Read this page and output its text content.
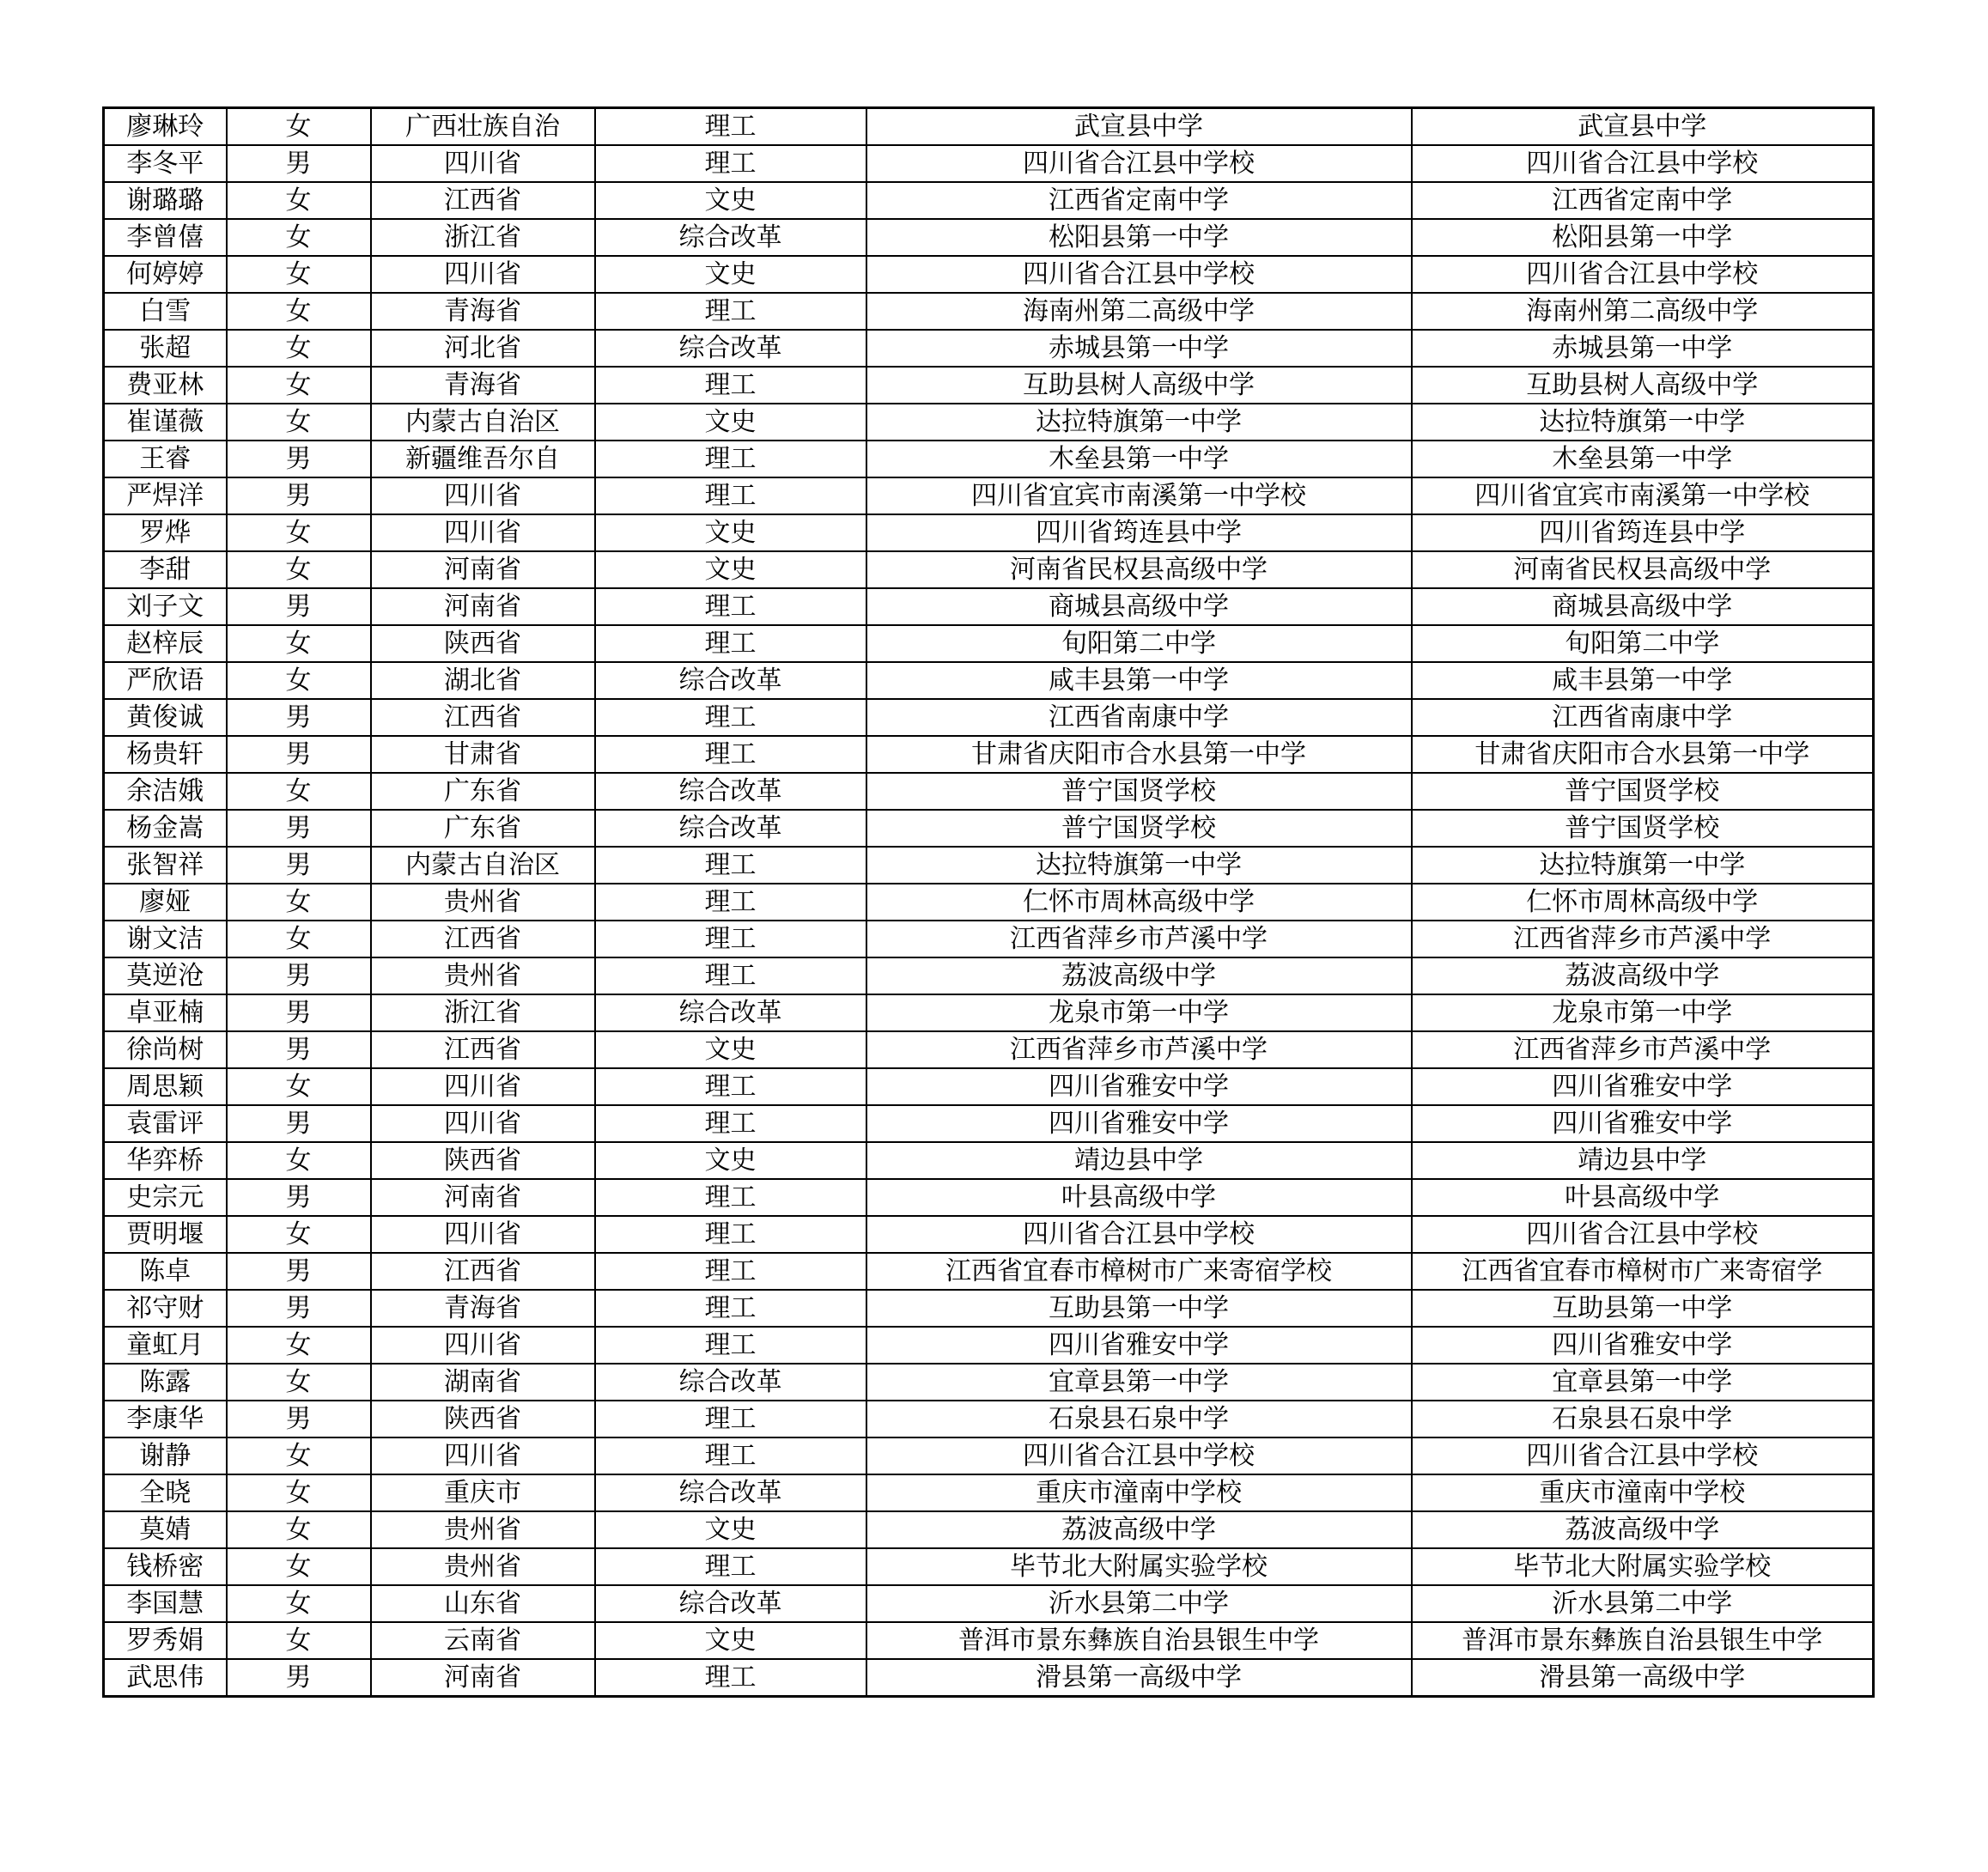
廖琳玲	女	广西壮族自治	理工	武宣县中学	武宣县中学
李冬平	男	四川省	理工	四川省合江县中学校	四川省合江县中学校
谢璐璐	女	江西省	文史	江西省定南中学	江西省定南中学
李曾僖	女	浙江省	综合改革	松阳县第一中学	松阳县第一中学
何婷婷	女	四川省	文史	四川省合江县中学校	四川省合江县中学校
白雪	女	青海省	理工	海南州第二高级中学	海南州第二高级中学
张超	女	河北省	综合改革	赤城县第一中学	赤城县第一中学
费亚林	女	青海省	理工	互助县树人高级中学	互助县树人高级中学
崔谨薇	女	内蒙古自治区	文史	达拉特旗第一中学	达拉特旗第一中学
王睿	男	新疆维吾尔自	理工	木垒县第一中学	木垒县第一中学
严焊洋	男	四川省	理工	四川省宜宾市南溪第一中学校	四川省宜宾市南溪第一中学校
罗烨	女	四川省	文史	四川省筠连县中学	四川省筠连县中学
李甜	女	河南省	文史	河南省民权县高级中学	河南省民权县高级中学
刘子文	男	河南省	理工	商城县高级中学	商城县高级中学
赵梓辰	女	陕西省	理工	旬阳第二中学	旬阳第二中学
严欣语	女	湖北省	综合改革	咸丰县第一中学	咸丰县第一中学
黄俊诚	男	江西省	理工	江西省南康中学	江西省南康中学
杨贵轩	男	甘肃省	理工	甘肃省庆阳市合水县第一中学	甘肃省庆阳市合水县第一中学
余洁娥	女	广东省	综合改革	普宁国贤学校	普宁国贤学校
杨金嵩	男	广东省	综合改革	普宁国贤学校	普宁国贤学校
张智祥	男	内蒙古自治区	理工	达拉特旗第一中学	达拉特旗第一中学
廖娅	女	贵州省	理工	仁怀市周林高级中学	仁怀市周林高级中学
谢文洁	女	江西省	理工	江西省萍乡市芦溪中学	江西省萍乡市芦溪中学
莫逆沧	男	贵州省	理工	荔波高级中学	荔波高级中学
卓亚楠	男	浙江省	综合改革	龙泉市第一中学	龙泉市第一中学
徐尚树	男	江西省	文史	江西省萍乡市芦溪中学	江西省萍乡市芦溪中学
周思颖	女	四川省	理工	四川省雅安中学	四川省雅安中学
袁雷评	男	四川省	理工	四川省雅安中学	四川省雅安中学
华弈桥	女	陕西省	文史	靖边县中学	靖边县中学
史宗元	男	河南省	理工	叶县高级中学	叶县高级中学
贾明堰	女	四川省	理工	四川省合江县中学校	四川省合江县中学校
陈卓	男	江西省	理工	江西省宜春市樟树市广来寄宿学校	江西省宜春市樟树市广来寄宿学
祁守财	男	青海省	理工	互助县第一中学	互助县第一中学
童虹月	女	四川省	理工	四川省雅安中学	四川省雅安中学
陈露	女	湖南省	综合改革	宜章县第一中学	宜章县第一中学
李康华	男	陕西省	理工	石泉县石泉中学	石泉县石泉中学
谢静	女	四川省	理工	四川省合江县中学校	四川省合江县中学校
全晓	女	重庆市	综合改革	重庆市潼南中学校	重庆市潼南中学校
莫婧	女	贵州省	文史	荔波高级中学	荔波高级中学
钱桥密	女	贵州省	理工	毕节北大附属实验学校	毕节北大附属实验学校
李国慧	女	山东省	综合改革	沂水县第二中学	沂水县第二中学
罗秀娟	女	云南省	文史	普洱市景东彝族自治县银生中学	普洱市景东彝族自治县银生中学
武思伟	男	河南省	理工	滑县第一高级中学	滑县第一高级中学
